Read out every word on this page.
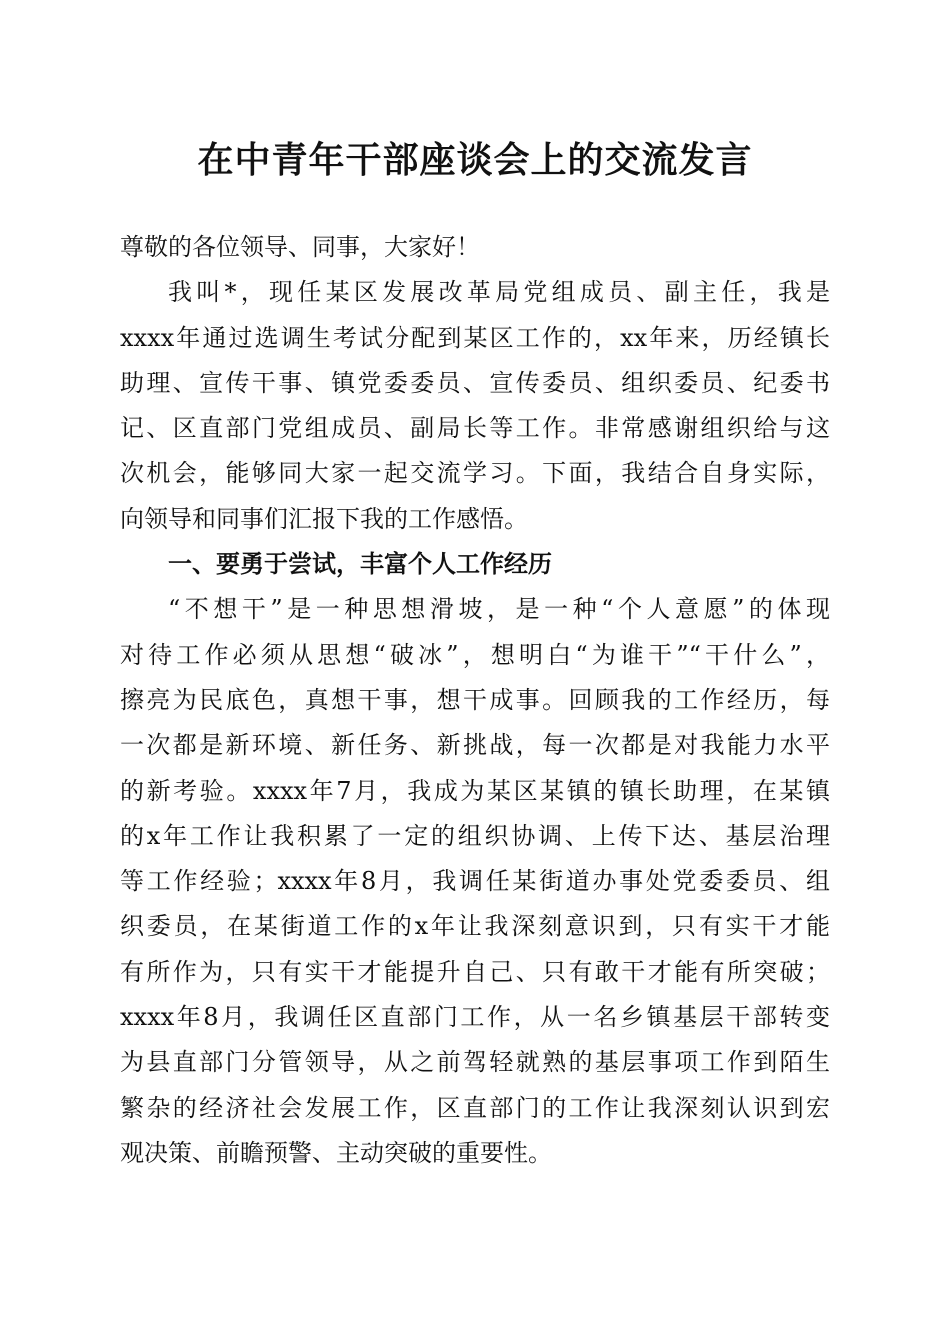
在中青年干部座谈会上的交流发言
尊敬的各位领导、同事，大家好！
我叫*，现任某区发展改革局党组成员、副主任，我是
xxxx年通过选调生考试分配到某区工作的，xx年来，历经镇长
助理、宣传干事、镇党委委员、宣传委员、组织委员、纪委书
记、区直部门党组成员、副局长等工作。非常感谢组织给与这
次机会，能够同大家一起交流学习。下面，我结合自身实际，
向领导和同事们汇报下我的工作感悟。
一、要勇于尝试，丰富个人工作经历
“不想干”是一种思想滑坡，是一种“个人意愿”的体现
对待工作必须从思想“破冰”，想明白“为谁干”“干什么”，
擦亮为民底色，真想干事，想干成事。回顾我的工作经历，每
一次都是新环境、新任务、新挑战，每一次都是对我能力水平
的新考验。xxxx年7月，我成为某区某镇的镇长助理，在某镇
的x年工作让我积累了一定的组织协调、上传下达、基层治理
等工作经验；xxxx年8月，我调任某街道办事处党委委员、组
织委员，在某街道工作的x年让我深刻意识到，只有实干才能
有所作为，只有实干才能提升自己、只有敢干才能有所突破；
xxxx年8月，我调任区直部门工作，从一名乡镇基层干部转变
为县直部门分管领导，从之前驾轻就熟的基层事项工作到陌生
繁杂的经济社会发展工作，区直部门的工作让我深刻认识到宏
观决策、前瞻预警、主动突破的重要性。
